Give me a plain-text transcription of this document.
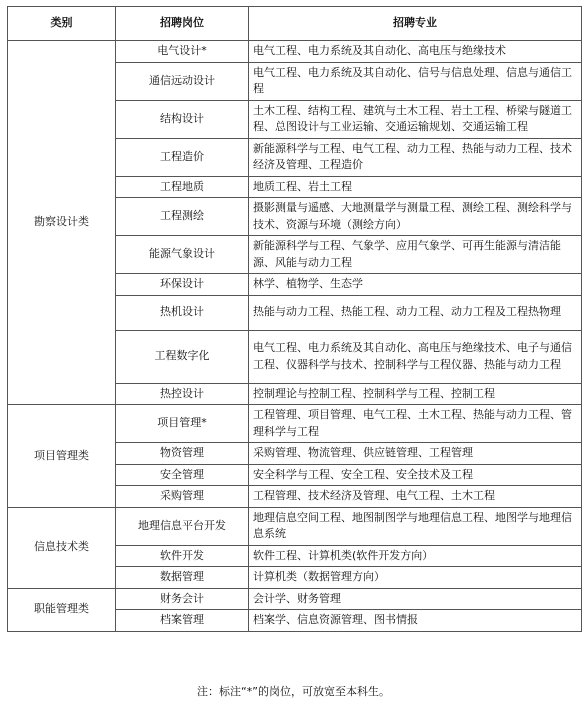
类别	招聘岗位	招聘专业
勘察设计类	电气设计*	电气工程、电力系统及其自动化、高电压与绝缘技术
	通信远动设计	电气工程、电力系统及其自动化、信号与信息处理、信息与通信工程
	结构设计	土木工程、结构工程、建筑与土木工程、岩土工程、桥梁与隧道工程、总图设计与工业运输、交通运输规划、交通运输工程
	工程造价	新能源科学与工程、电气工程、动力工程、热能与动力工程、技术经济及管理、工程造价
	工程地质	地质工程、岩土工程
	工程测绘	摄影测量与遥感、大地测量学与测量工程、测绘工程、测绘科学与技术、资源与环境（测绘方向）
	能源气象设计	新能源科学与工程、气象学、应用气象学、可再生能源与清洁能源、风能与动力工程
	环保设计	林学、植物学、生态学
	热机设计	热能与动力工程、热能工程、动力工程、动力工程及工程热物理
	工程数字化	电气工程、电力系统及其自动化、高电压与绝缘技术、电子与通信工程、仪器科学与技术、控制科学与工程仪器、热能与动力工程
	热控设计	控制理论与控制工程、控制科学与工程、控制工程
项目管理类	项目管理*	工程管理、项目管理、电气工程、土木工程、热能与动力工程、管理科学与工程
	物资管理	采购管理、物流管理、供应链管理、工程管理
	安全管理	安全科学与工程、安全工程、安全技术及工程
	采购管理	工程管理、技术经济及管理、电气工程、土木工程
信息技术类	地理信息平台开发	地理信息空间工程、地图制图学与地理信息工程、地图学与地理信息系统
	软件开发	软件工程、计算机类(软件开发方向）
	数据管理	计算机类（数据管理方向）
职能管理类	财务会计	会计学、财务管理
	档案管理	档案学、信息资源管理、图书情报
注：标注“*”的岗位，可放宽至本科生。
